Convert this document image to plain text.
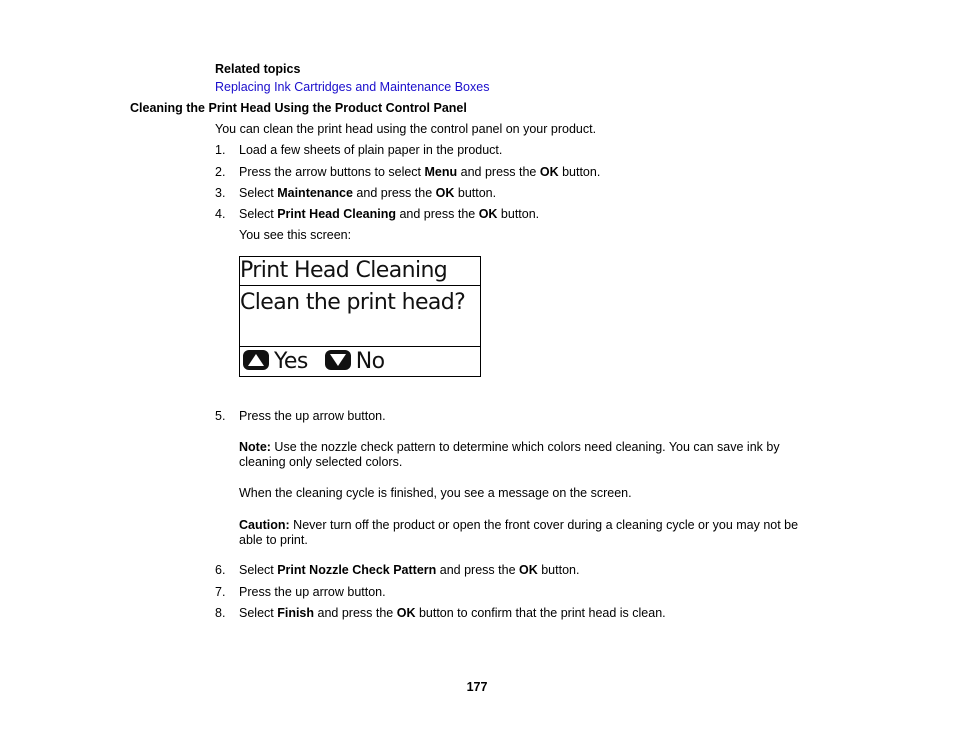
Related topics
Replacing Ink Cartridges and Maintenance Boxes
Cleaning the Print Head Using the Product Control Panel
You can clean the print head using the control panel on your product.
1. Load a few sheets of plain paper in the product.
2. Press the arrow buttons to select Menu and press the OK button.
3. Select Maintenance and press the OK button.
4. Select Print Head Cleaning and press the OK button.
You see this screen:
Print Head Cleaning
Clean the print head?
Yes No
5. Press the up arrow button.
Note: Use the nozzle check pattern to determine which colors need cleaning. You can save ink by cleaning only selected colors.
When the cleaning cycle is finished, you see a message on the screen.
Caution: Never turn off the product or open the front cover during a cleaning cycle or you may not be able to print.
6. Select Print Nozzle Check Pattern and press the OK button.
7. Press the up arrow button.
8. Select Finish and press the OK button to confirm that the print head is clean.
177
